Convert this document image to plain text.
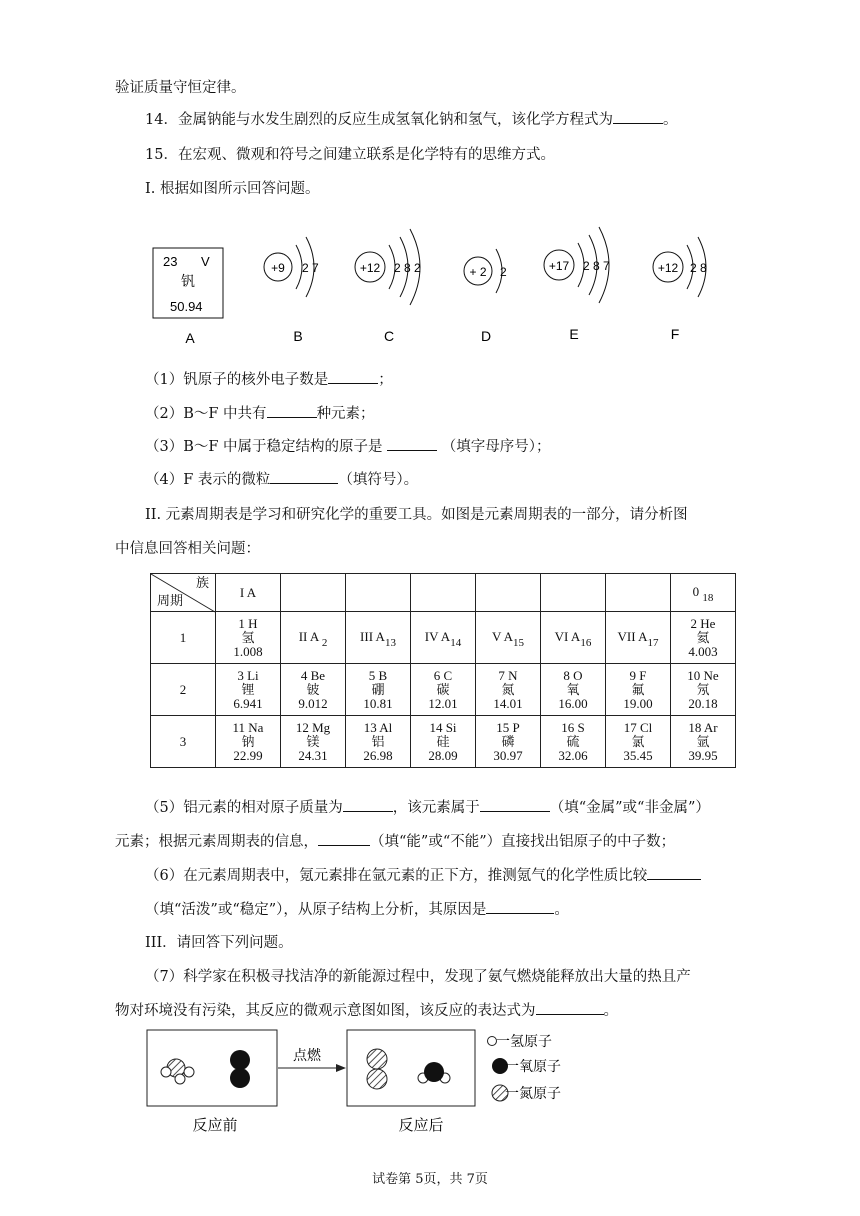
验证质量守恒定律。
14．金属钠能与水发生剧烈的反应生成氢氧化钠和氢气，该化学方程式为	。
15．在宏观、微观和符号之间建立联系是化学特有的思维方式。
I. 根据如图所示回答问题。
23 V
钒
50.94
+9 2 7	+12 2 8 2	+ 2 2	+17 2 8 7	+12 2 8
A	B	C	D	E	F
（1）钒原子的核外电子数是	；
（2）B～F 中共有	种元素；
（3）B～F 中属于稳定结构的原子是	（填字母序号）；
（4）F 表示的微粒	（填符号）。
II. 元素周期表是学习和研究化学的重要工具。如图是元素周期表的一部分，请分析图
中信息回答相关问题：
族
周期	I A							0 $_{18}$
1	1 H
氢
1.008	II A $_2$	III $A_{13}$	IV $A_{14}$	V $A_{15}$	VI $A_{16}$	VII $A_{17}$	2 He
氦
4.003

2	3 Li
锂
6.941	4 Be
铍
9.012	5 B
硼
10.81	6 C
碳
12.01	7 N
氮
14.01	8 O
氧
16.00	9 F
氟
19.00	10 Ne
氖
20.18

3	11 Na
钠
22.99	12 Mg
镁
24.31	13 Al
铝
26.98	14 Si
硅
28.09	15 P
磷
30.97	16 S
硫
32.06	17 Cl
氯
35.45	18 Ar
氩
39.95
（5）铝元素的相对原子质量为	，该元素属于	（填“金属”或“非金属”）
元素；根据元素周期表的信息，	（填“能”或“不能”）直接找出铝原子的中子数；
（6）在元素周期表中，氪元素排在氩元素的正下方，推测氪气的化学性质比较
（填“活泼”或“稳定”），从原子结构上分析，其原因是	。
III．请回答下列问题。
（7）科学家在积极寻找洁净的新能源过程中，发现了氨气燃烧能释放出大量的热且产
物对环境没有污染，其反应的微观示意图如图，该反应的表达式为	。
点燃
一氢原子
一氧原子
一氮原子
反应前	反应后
试卷第 5页，共 7页
